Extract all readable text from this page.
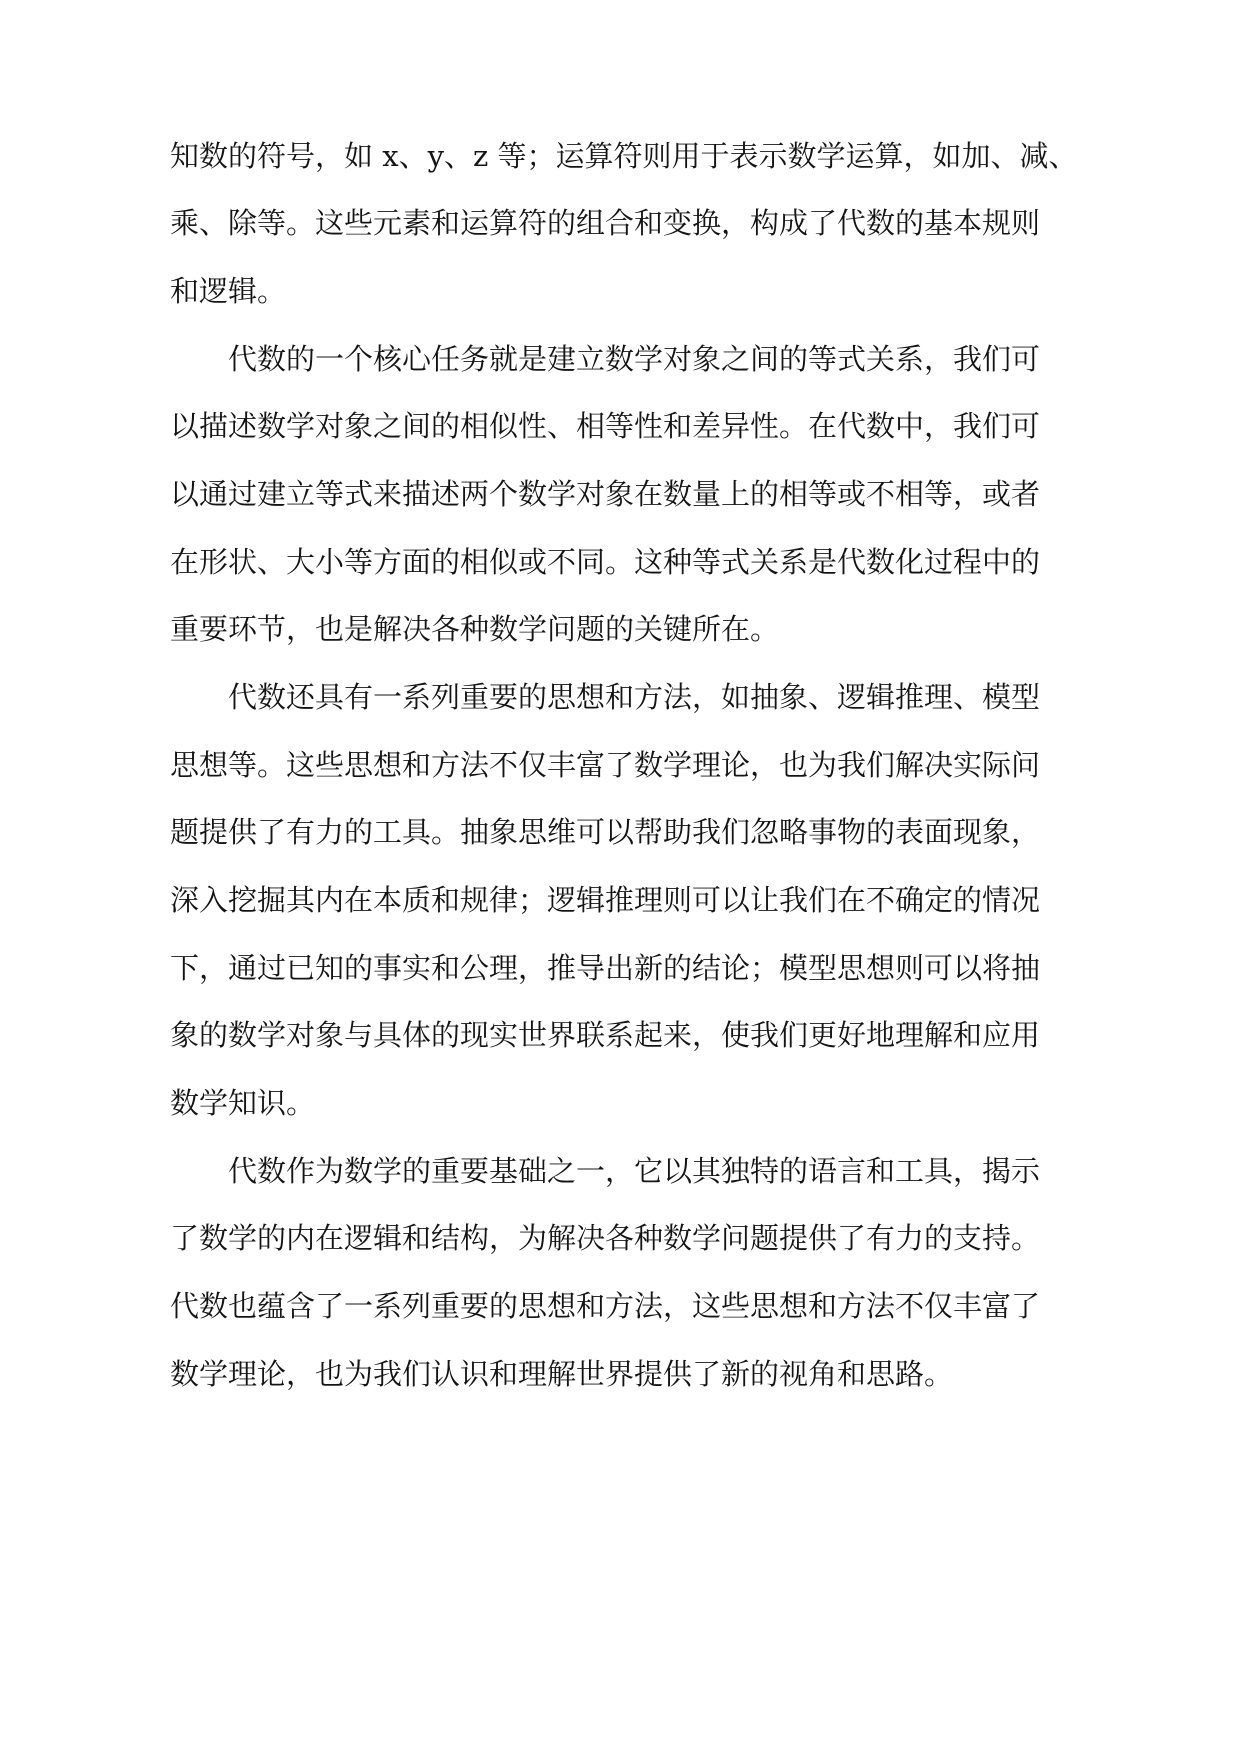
知数的符号，如 x、y、z 等；运算符则用于表示数学运算，如加、减、

乘、除等。这些元素和运算符的组合和变换，构成了代数的基本规则

和逻辑。

代数的一个核心任务就是建立数学对象之间的等式关系，我们可

以描述数学对象之间的相似性、相等性和差异性。在代数中，我们可

以通过建立等式来描述两个数学对象在数量上的相等或不相等，或者

在形状、大小等方面的相似或不同。这种等式关系是代数化过程中的

重要环节，也是解决各种数学问题的关键所在。

代数还具有一系列重要的思想和方法，如抽象、逻辑推理、模型

思想等。这些思想和方法不仅丰富了数学理论，也为我们解决实际问

题提供了有力的工具。抽象思维可以帮助我们忽略事物的表面现象，

深入挖掘其内在本质和规律；逻辑推理则可以让我们在不确定的情况

下，通过已知的事实和公理，推导出新的结论；模型思想则可以将抽

象的数学对象与具体的现实世界联系起来，使我们更好地理解和应用

数学知识。

代数作为数学的重要基础之一，它以其独特的语言和工具，揭示

了数学的内在逻辑和结构，为解决各种数学问题提供了有力的支持。

代数也蕴含了一系列重要的思想和方法，这些思想和方法不仅丰富了

数学理论，也为我们认识和理解世界提供了新的视角和思路。
